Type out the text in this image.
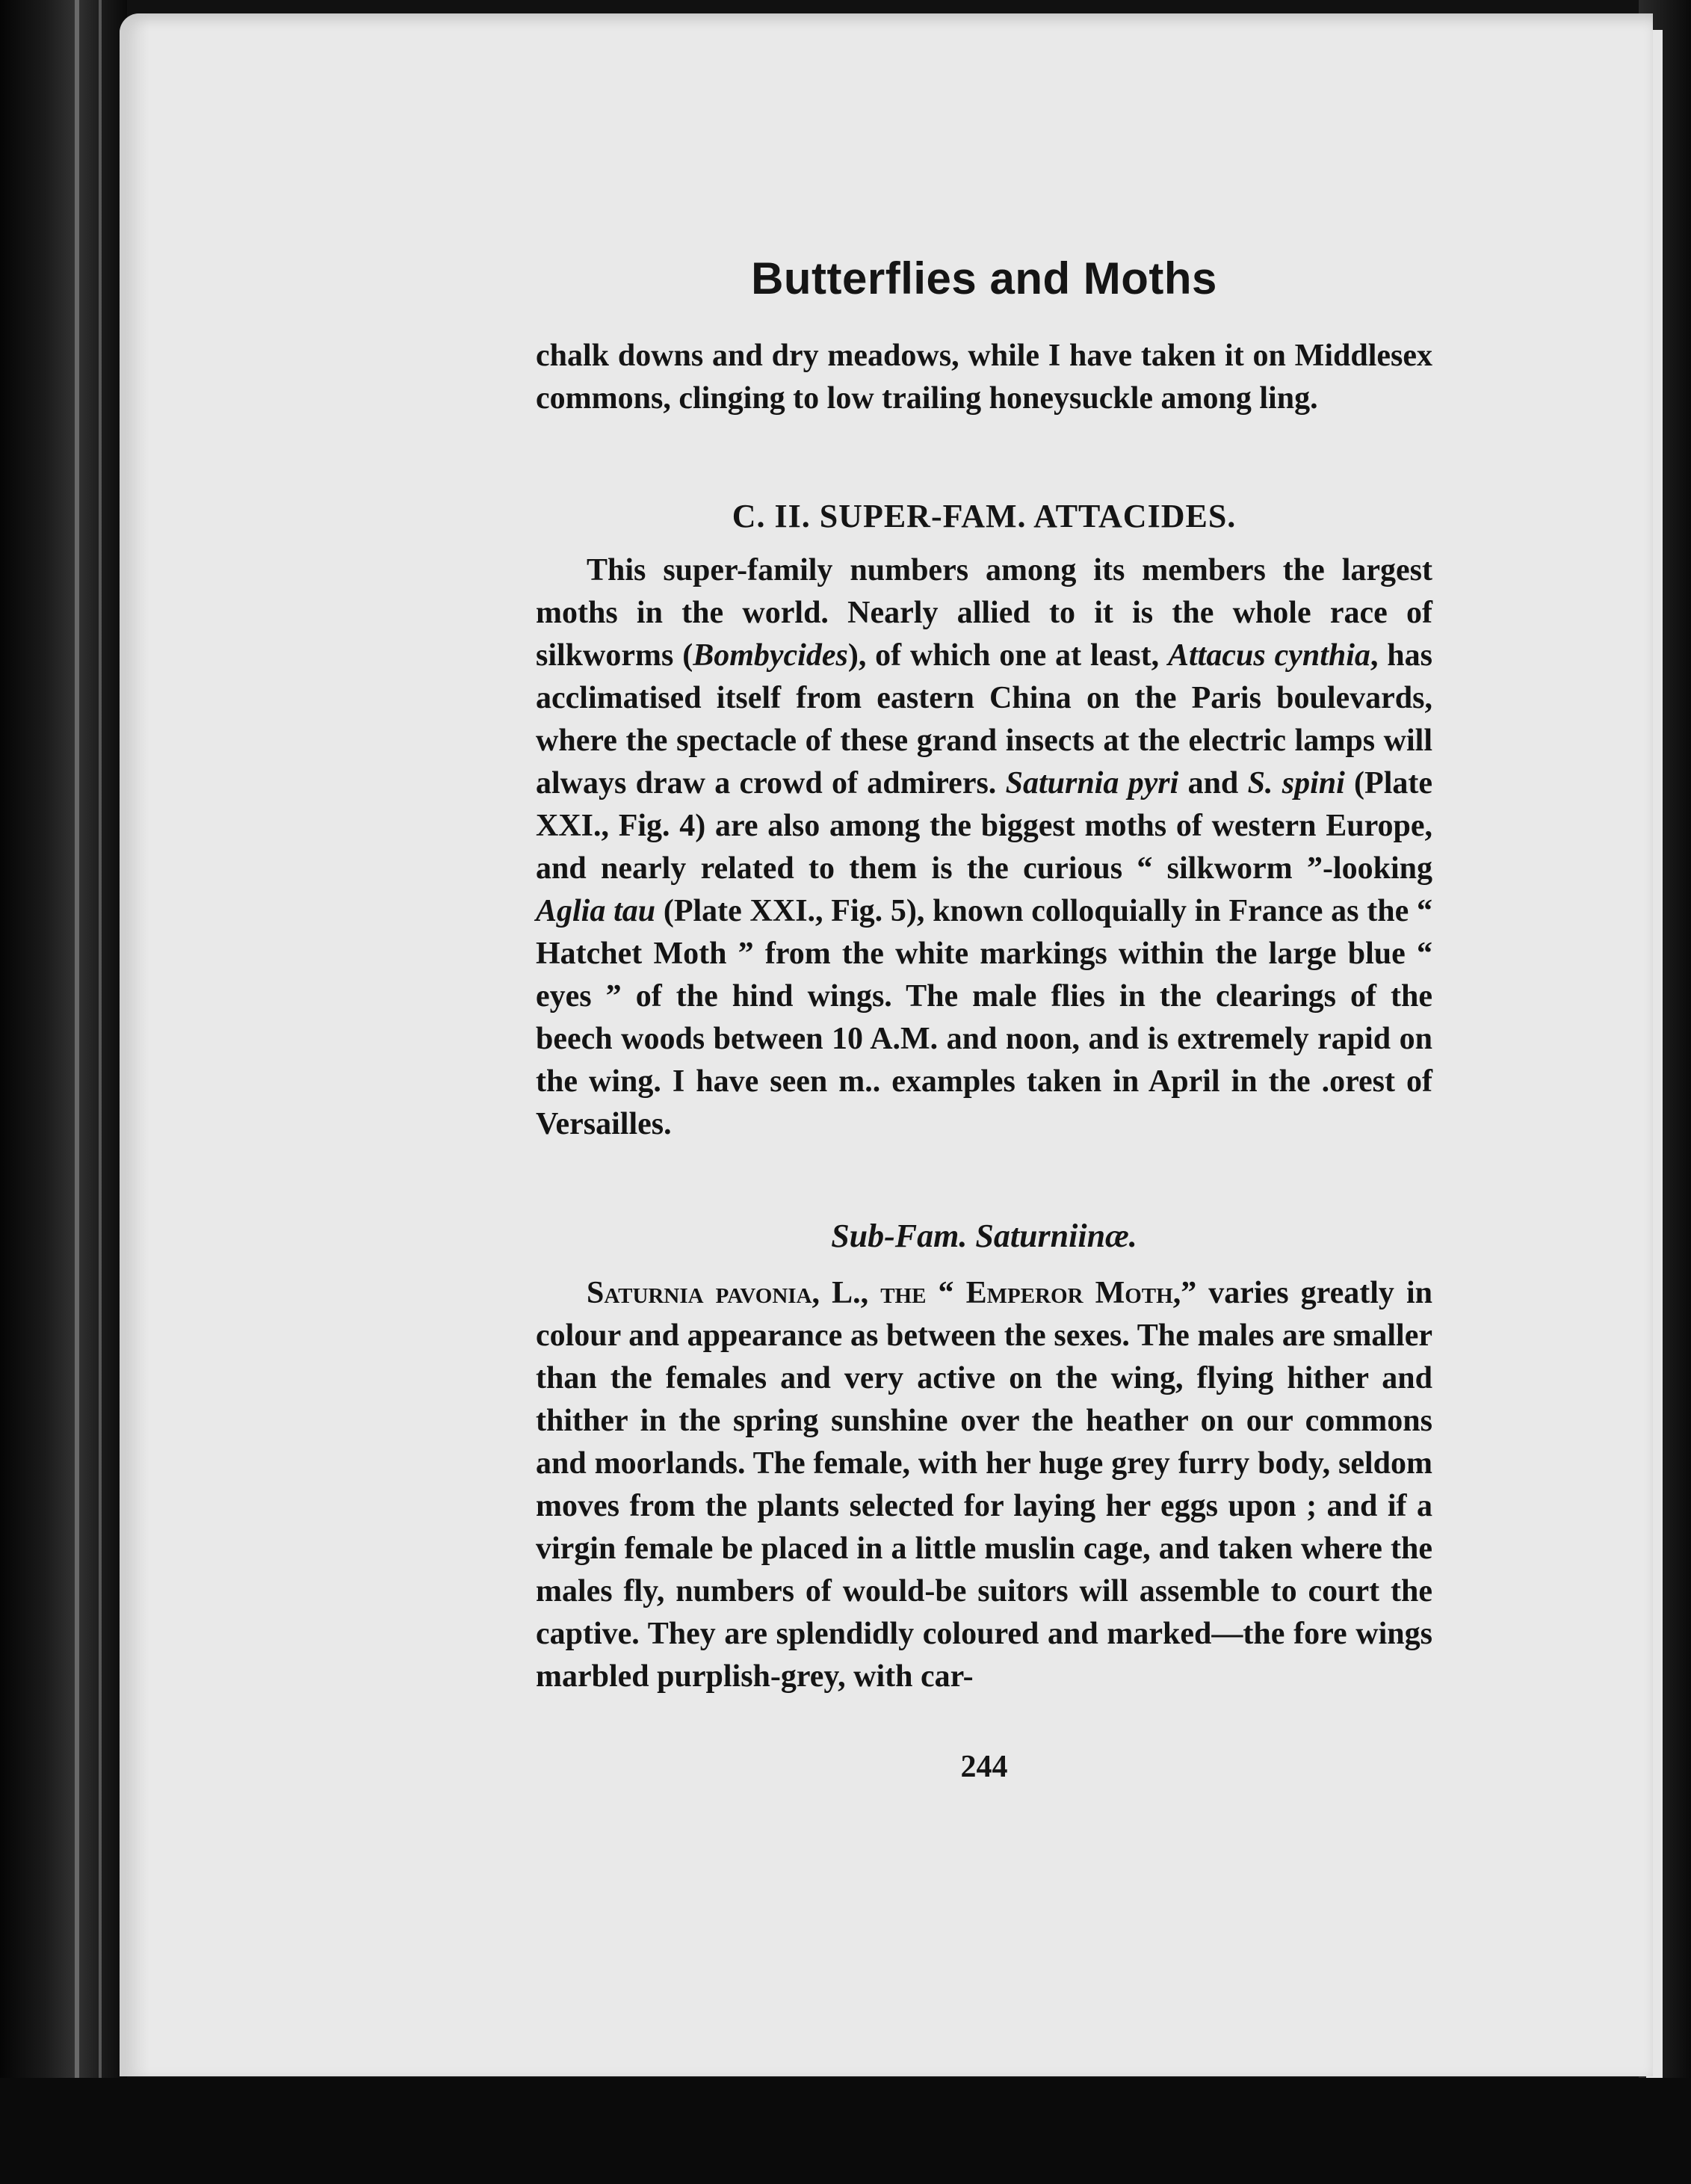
Butterflies and Moths

chalk downs and dry meadows, while I have taken it on Middlesex commons, clinging to low trailing honeysuckle among ling.

C. II. SUPER-FAM. ATTACIDES.

This super-family numbers among its members the largest moths in the world. Nearly allied to it is the whole race of silkworms (Bombycides), of which one at least, Attacus cynthia, has acclimatised itself from eastern China on the Paris boulevards, where the spectacle of these grand insects at the electric lamps will always draw a crowd of admirers. Saturnia pyri and S. spini (Plate XXI., Fig. 4) are also among the biggest moths of western Europe, and nearly related to them is the curious “ silkworm ”-looking Aglia tau (Plate XXI., Fig. 5), known colloquially in France as the “ Hatchet Moth ” from the white markings within the large blue “ eyes ” of the hind wings. The male flies in the clearings of the beech woods between 10 A.M. and noon, and is extremely rapid on the wing. I have seen m.. examples taken in April in the .orest of Versailles.

Sub-Fam. Saturniinæ.

Saturnia pavonia, L., the “ Emperor Moth,” varies greatly in colour and appearance as between the sexes. The males are smaller than the females and very active on the wing, flying hither and thither in the spring sunshine over the heather on our commons and moorlands. The female, with her huge grey furry body, seldom moves from the plants selected for laying her eggs upon ; and if a virgin female be placed in a little muslin cage, and taken where the males fly, numbers of would-be suitors will assemble to court the captive. They are splendidly coloured and marked—the fore wings marbled purplish-grey, with car-

244
